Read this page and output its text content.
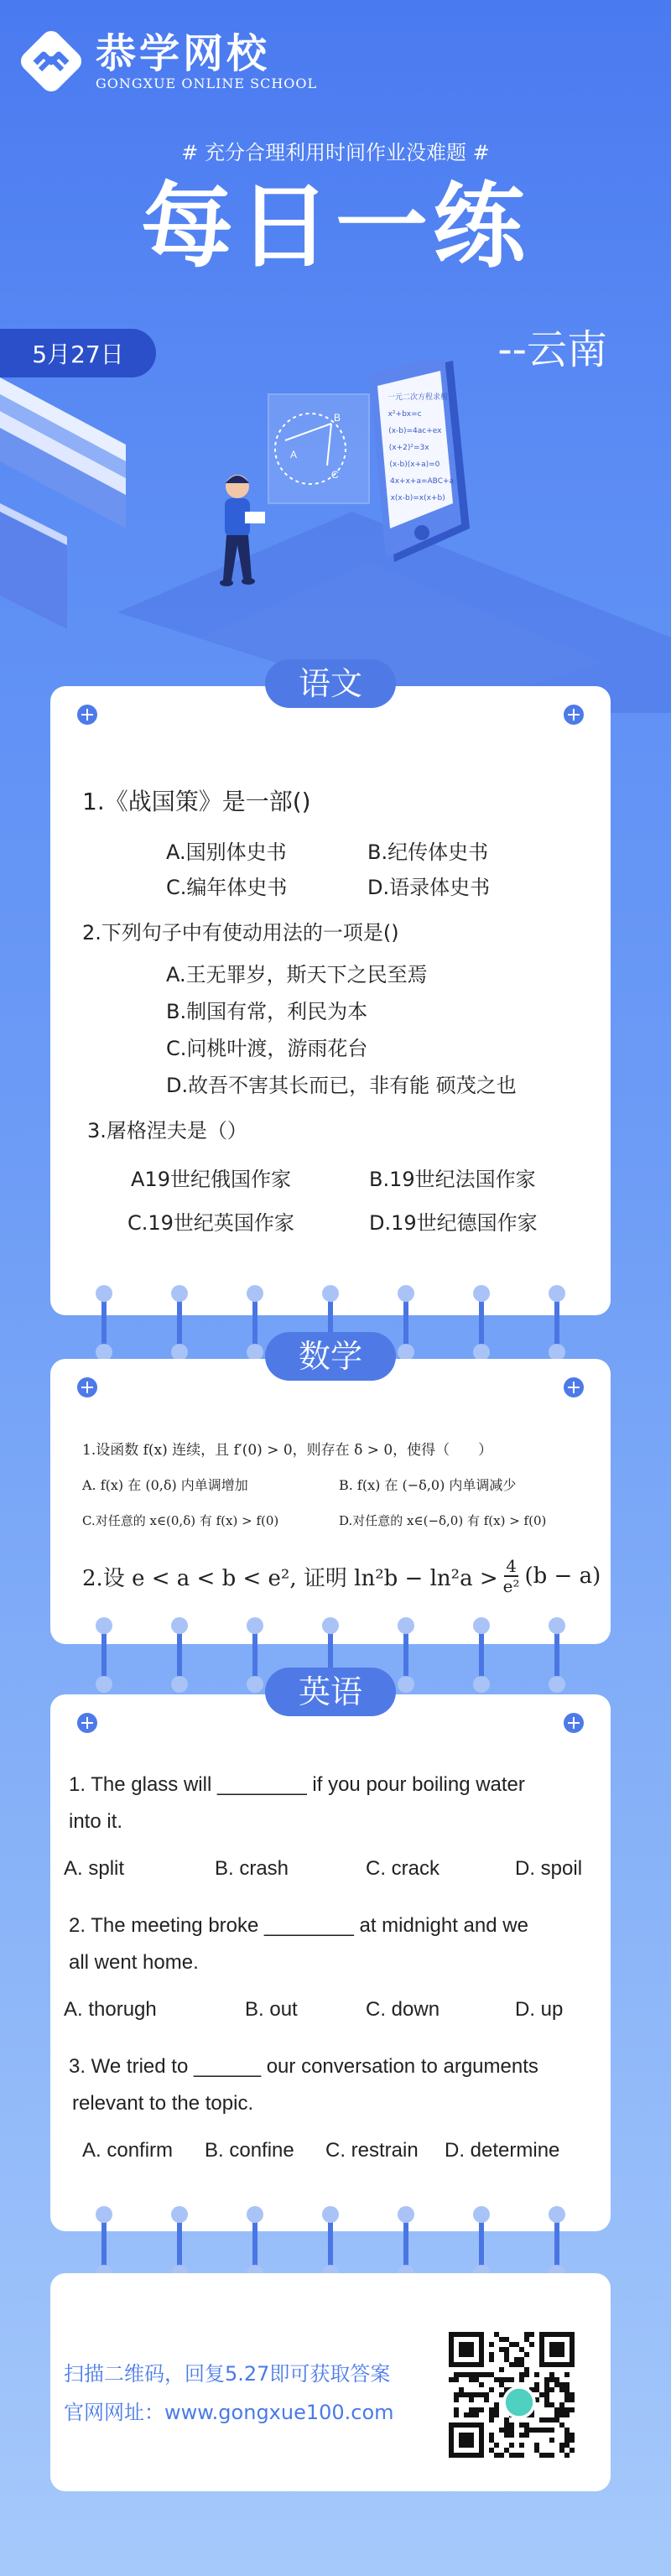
恭学网校
GONGXUE ONLINE SCHOOL
# 充分合理利用时间作业没难题 #
每日一练
5月27日	--云南
B
C
A
一元二次方程求根
x²+bx=c
(x-b)=4ac+ex
(x+2)²=3x
(x-b)(x+a)=0
4x+x+a=ABC+a
x(x-b)=x(x+b)
语文
1.《战国策》是一部()
A.国别体史书	B.纪传体史书
C.编年体史书	D.语录体史书
2.下列句子中有使动用法的一项是()
A.王无罪岁，斯天下之民至焉
B.制国有常，利民为本
C.问桃叶渡，游雨花台
D.故吾不害其长而已，非有能 硕茂之也
3.屠格涅夫是（）
A19世纪俄国作家	B.19世纪法国作家
C.19世纪英国作家	D.19世纪德国作家
数学
1.设函数 f(x) 连续，且 f′(0) > 0，则存在 δ > 0，使得（　　）
A. f(x) 在 (0,δ) 内单调增加	B. f(x) 在 (−δ,0) 内单调减少
C.对任意的 x∈(0,δ) 有 f(x) > f(0)	D.对任意的 x∈(−δ,0) 有 f(x) > f(0)
2.设 e < a < b < e², 证明 $\ln^2b - \ln^2a > \frac{4}{\text{e²}} (b - a)$
英语
1. The glass will ________ if you pour boiling water
into it.
A. split	B. crash	C. crack	D. spoil
2. The meeting broke ________ at midnight and we
all went home.
A. thorugh	B. out	C. down	D. up
3. We tried to ______ our conversation to arguments
relevant to the topic.
A. confirm B. confine C. restrain D. determine
扫描二维码，回复5.27即可获取答案
官网网址：www.gongxue100.com
